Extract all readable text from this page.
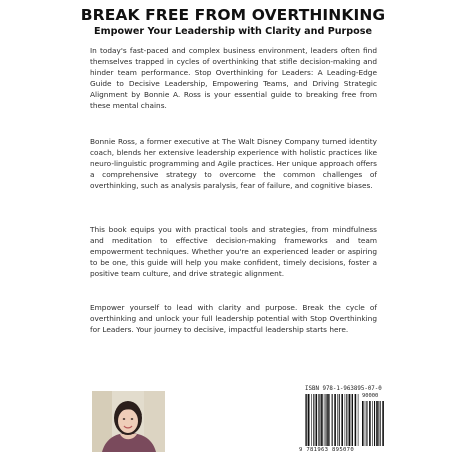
BREAK FREE FROM OVERTHINKING
Empower Your Leadership with Clarity and Purpose

In today's fast-paced and complex business environment, leaders often find themselves trapped in cycles of overthinking that stifle decision-making and hinder team performance. Stop Overthinking for Leaders: A Leading-Edge Guide to Decisive Leadership, Empowering Teams, and Driving Strategic Alignment by Bonnie A. Ross is your essential guide to breaking free from these mental chains.

Bonnie Ross, a former executive at The Walt Disney Company turned identity coach, blends her extensive leadership experience with holistic practices like neuro-linguistic programming and Agile practices. Her unique approach offers a comprehensive strategy to overcome the common challenges of overthinking, such as analysis paralysis, fear of failure, and cognitive biases.

This book equips you with practical tools and strategies, from mindfulness and meditation to effective decision-making frameworks and team empowerment techniques. Whether you're an experienced leader or aspiring to be one, this guide will help you make confident, timely decisions, foster a positive team culture, and drive strategic alignment.

Empower yourself to lead with clarity and purpose. Break the cycle of overthinking and unlock your full leadership potential with Stop Overthinking for Leaders. Your journey to decisive, impactful leadership starts here.

ISBN 978-1-963895-07-0
90000
9 781963 895070
